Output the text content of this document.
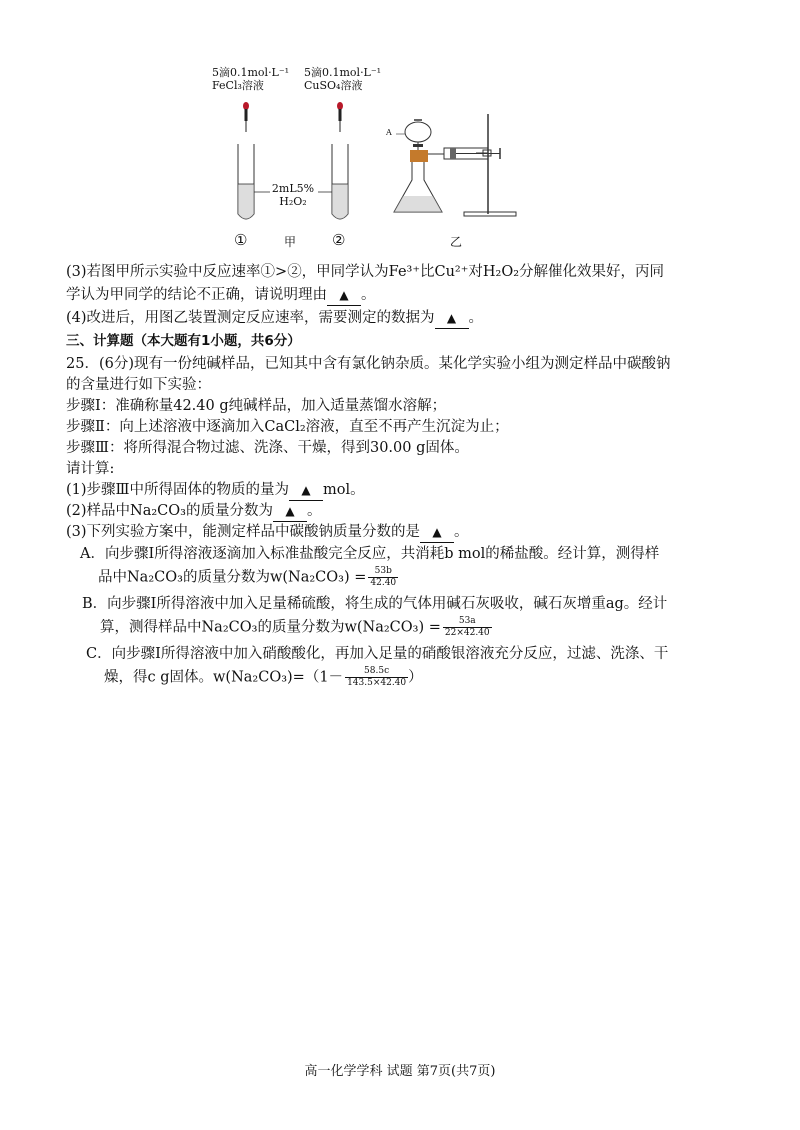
5滴0.1mol·L⁻¹
FeCl₃溶液
5滴0.1mol·L⁻¹
CuSO₄溶液
2mL5%
H₂O₂
A
①	甲 ②	乙
(3)若图甲所示实验中反应速率①>②，甲同学认为Fe³⁺比Cu²⁺对H₂O₂分解催化效果好，丙同
学认为甲同学的结论不正确，请说明理由 ▲ 。
(4)改进后，用图乙装置测定反应速率，需要测定的数据为 ▲ 。
三、计算题（本大题有1小题，共6分）
25．(6分)现有一份纯碱样品，已知其中含有氯化钠杂质。某化学实验小组为测定样品中碳酸钠
的含量进行如下实验：
步骤Ⅰ：准确称量42.40 g纯碱样品，加入适量蒸馏水溶解；
步骤Ⅱ：向上述溶液中逐滴加入CaCl₂溶液，直至不再产生沉淀为止；
步骤Ⅲ：将所得混合物过滤、洗涤、干燥，得到30.00 g固体。
请计算:
(1)步骤Ⅲ中所得固体的物质的量为 ▲ mol。
(2)样品中Na₂CO₃的质量分数为 ▲ 。
(3)下列实验方案中，能测定样品中碳酸钠质量分数的是 ▲ 。
A．向步骤Ⅰ所得溶液逐滴加入标准盐酸完全反应，共消耗b mol的稀盐酸。经计算，测得样
品中Na₂CO₃的质量分数为$w(Na_2CO_3) = \frac{53b}{42.40}$
B．向步骤Ⅰ所得溶液中加入足量稀硫酸，将生成的气体用碱石灰吸收，碱石灰增重ag。经计
算，测得样品中Na₂CO₃的质量分数为$w(Na_2CO_3) = \frac{53a}{22\times 42.40}$
C．向步骤Ⅰ所得溶液中加入硝酸酸化，再加入足量的硝酸银溶液充分反应，过滤、洗涤、干
燥，得c g固体。$w(Na_2CO_3)=(1- \frac{58.5c}{143.5\times 42.40}$ ）
高一化学学科 试题 第7页(共7页)
